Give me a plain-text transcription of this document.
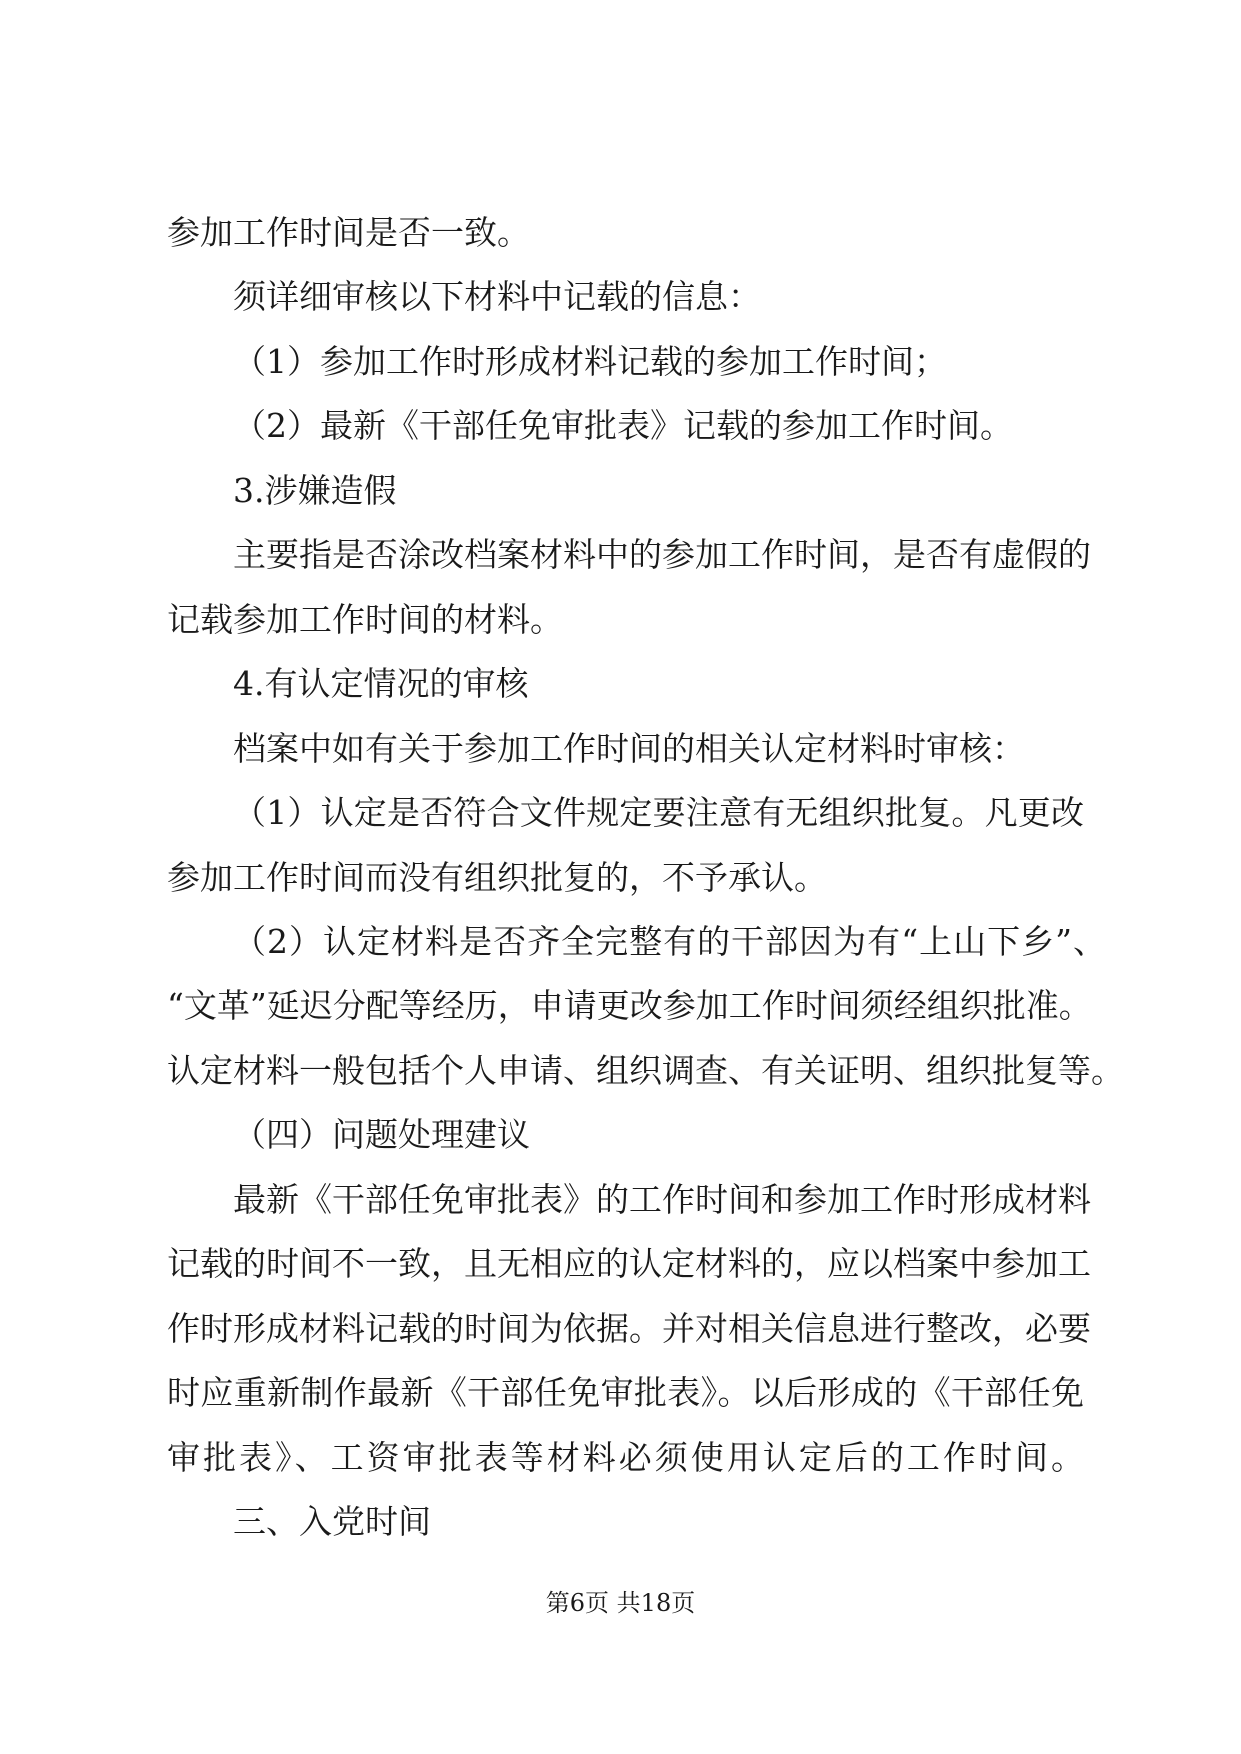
参加工作时间是否一致。
须详细审核以下材料中记载的信息：
（1）参加工作时形成材料记载的参加工作时间；
（2）最新《干部任免审批表》记载的参加工作时间。
3.涉嫌造假
主要指是否涂改档案材料中的参加工作时间，是否有虚假的
记载参加工作时间的材料。
4.有认定情况的审核
档案中如有关于参加工作时间的相关认定材料时审核：
（1）认定是否符合文件规定要注意有无组织批复。凡更改
参加工作时间而没有组织批复的，不予承认。
（2）认定材料是否齐全完整有的干部因为有“上山下乡”、
“文革”延迟分配等经历，申请更改参加工作时间须经组织批准。
认定材料一般包括个人申请、组织调查、有关证明、组织批复等。
（四）问题处理建议
最新《干部任免审批表》的工作时间和参加工作时形成材料
记载的时间不一致，且无相应的认定材料的，应以档案中参加工
作时形成材料记载的时间为依据。并对相关信息进行整改，必要
时应重新制作最新《干部任免审批表》。以后形成的《干部任免
审批表》、工资审批表等材料必须使用认定后的工作时间。
三、入党时间
第6页 共18页
